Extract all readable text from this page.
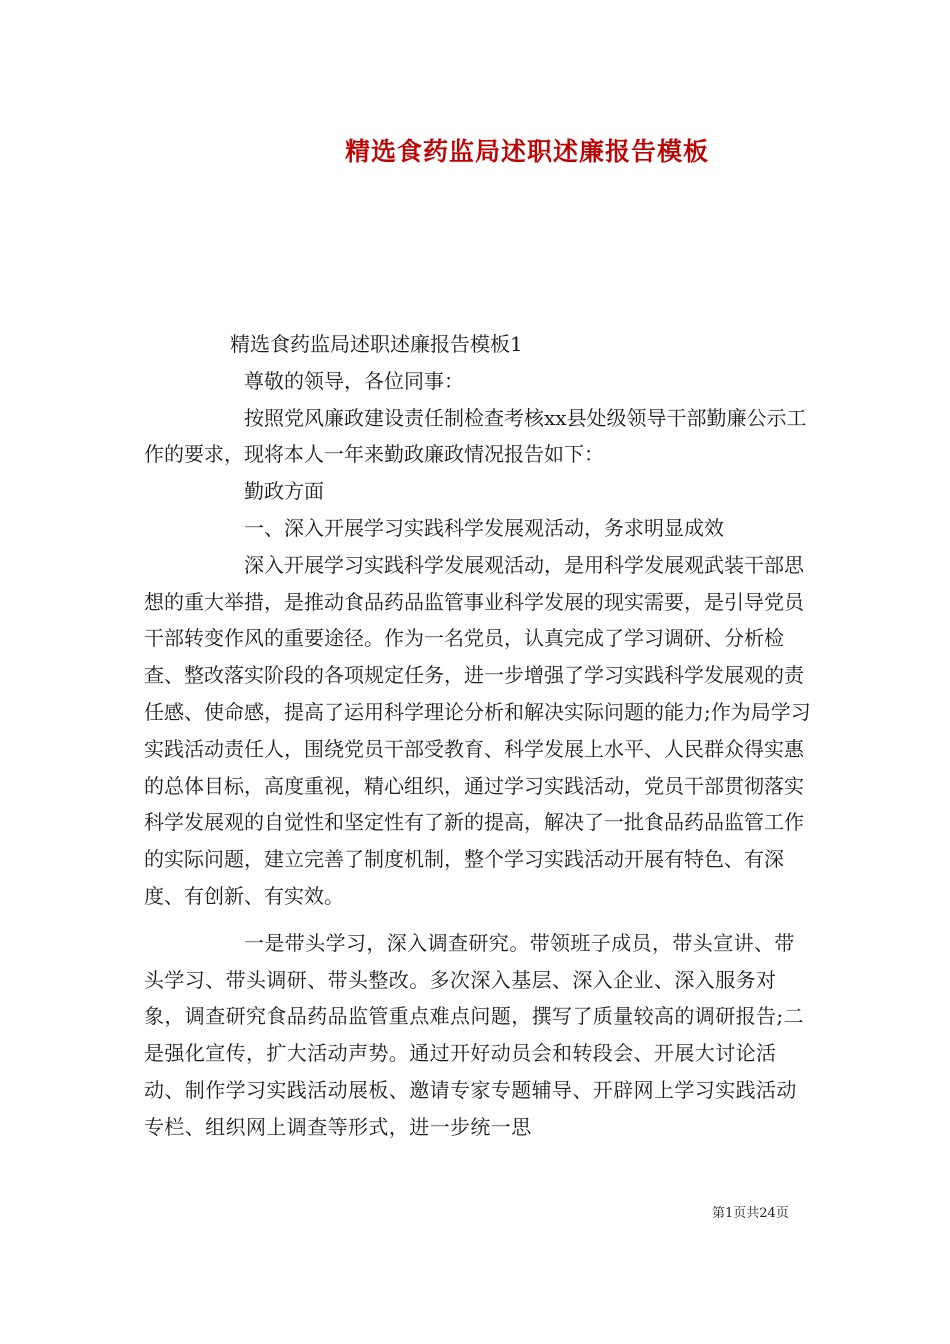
精选食药监局述职述廉报告模板

精选食药监局述职述廉报告模板1

尊敬的领导，各位同事：

按照党风廉政建设责任制检查考核xx县处级领导干部勤廉公示工作的要求，现将本人一年来勤政廉政情况报告如下：

勤政方面

一、深入开展学习实践科学发展观活动，务求明显成效

深入开展学习实践科学发展观活动，是用科学发展观武装干部思想的重大举措，是推动食品药品监管事业科学发展的现实需要，是引导党员干部转变作风的重要途径。作为一名党员，认真完成了学习调研、分析检查、整改落实阶段的各项规定任务，进一步增强了学习实践科学发展观的责任感、使命感，提高了运用科学理论分析和解决实际问题的能力;作为局学习实践活动责任人，围绕党员干部受教育、科学发展上水平、人民群众得实惠的总体目标，高度重视，精心组织，通过学习实践活动，党员干部贯彻落实科学发展观的自觉性和坚定性有了新的提高，解决了一批食品药品监管工作的实际问题，建立完善了制度机制，整个学习实践活动开展有特色、有深度、有创新、有实效。

一是带头学习，深入调查研究。带领班子成员，带头宣讲、带头学习、带头调研、带头整改。多次深入基层、深入企业、深入服务对象，调查研究食品药品监管重点难点问题，撰写了质量较高的调研报告;二是强化宣传，扩大活动声势。通过开好动员会和转段会、开展大讨论活动、制作学习实践活动展板、邀请专家专题辅导、开辟网上学习实践活动专栏、组织网上调查等形式，进一步统一思

第1页共24页
